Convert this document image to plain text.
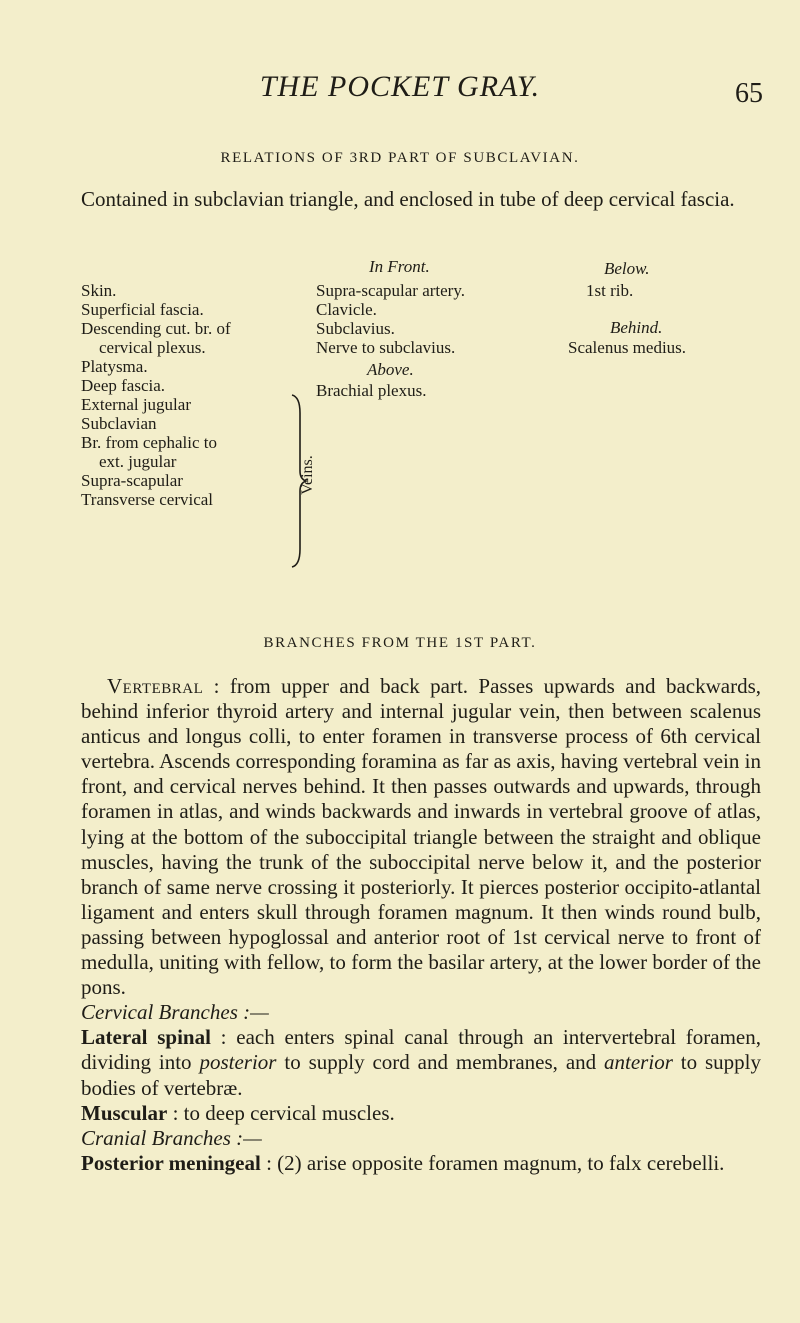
THE POCKET GRAY.	65
RELATIONS OF 3RD PART OF SUBCLAVIAN.
Contained in subclavian triangle, and enclosed in tube of deep cervical fascia.
In Front.	Below.
Skin.
Superficial fascia.
Descending cut. br. of
cervical plexus.
Platysma.
Deep fascia.
External jugular
Subclavian
Br. from cephalic to
ext. jugular
Supra-scapular
Transverse cervical
Veins.
Supra-scapular artery.
Clavicle.
Subclavius.
Nerve to subclavius.
Above.
Brachial plexus.
1st rib.
Behind.
Scalenus medius.
BRANCHES FROM THE 1ST PART.

Vertebral : from upper and back part. Passes upwards and backwards, behind inferior thyroid artery and internal jugular vein, then between scalenus anticus and longus colli, to enter foramen in transverse process of 6th cervical vertebra. Ascends corresponding foramina as far as axis, having vertebral vein in front, and cervical nerves behind. It then passes outwards and upwards, through foramen in atlas, and winds backwards and inwards in vertebral groove of atlas, lying at the bottom of the suboccipital triangle between the straight and oblique muscles, having the trunk of the suboccipital nerve below it, and the posterior branch of same nerve crossing it posteriorly. It pierces posterior occipito-atlantal ligament and enters skull through foramen magnum. It then winds round bulb, passing between hypoglossal and anterior root of 1st cervical nerve to front of medulla, uniting with fellow, to form the basilar artery, at the lower border of the pons.

Cervical Branches :—

Lateral spinal : each enters spinal canal through an intervertebral foramen, dividing into posterior to supply cord and membranes, and anterior to supply bodies of vertebræ.

Muscular : to deep cervical muscles.

Cranial Branches :—

Posterior meningeal : (2) arise opposite foramen magnum, to falx cerebelli.
